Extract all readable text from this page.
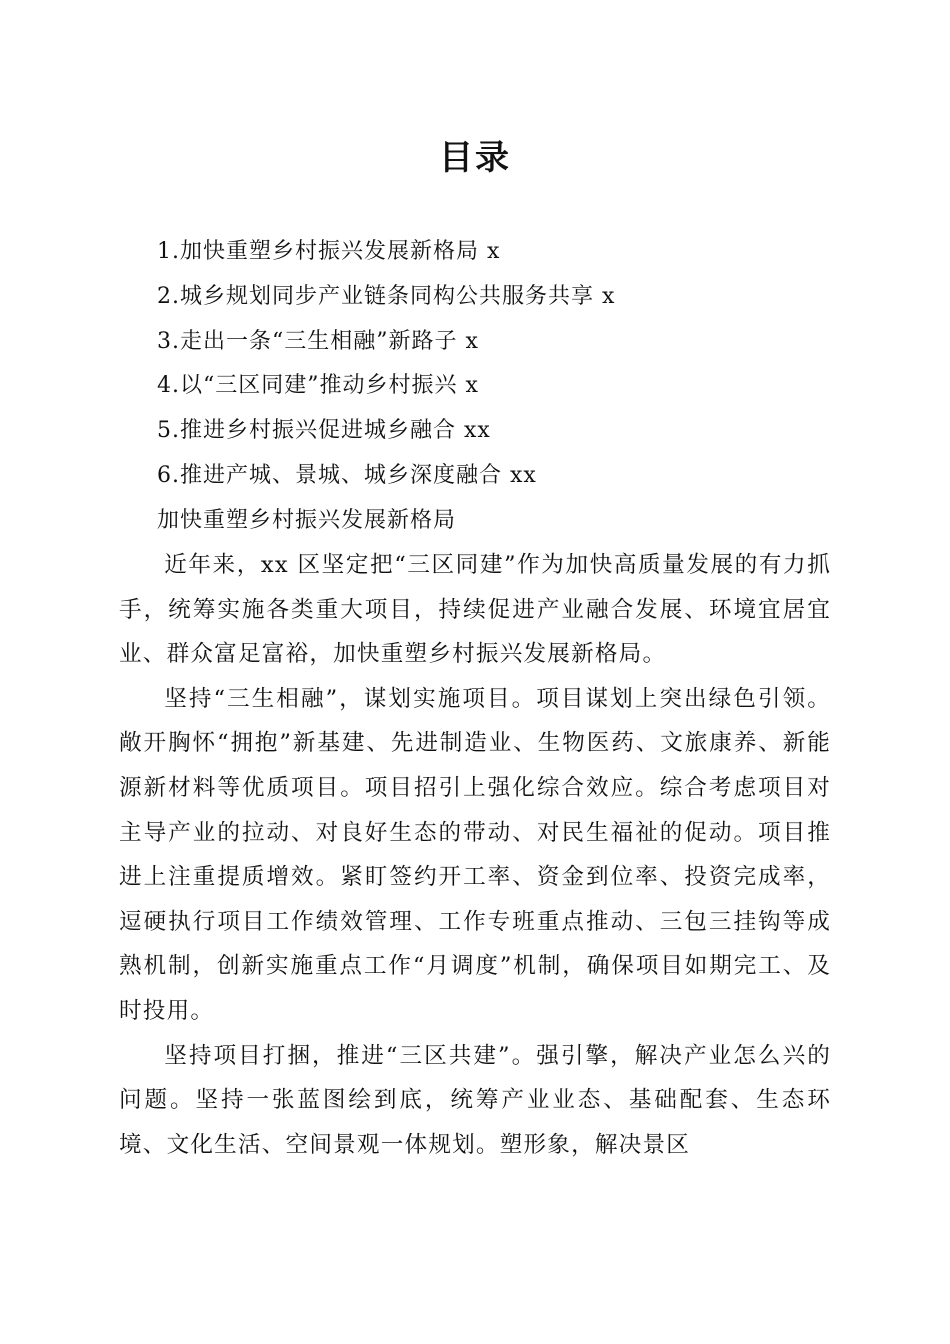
目录
1.加快重塑乡村振兴发展新格局 x
2.城乡规划同步产业链条同构公共服务共享 x
3.走出一条“三生相融”新路子 x
4.以“三区同建”推动乡村振兴 x
5.推进乡村振兴促进城乡融合 xx
6.推进产城、景城、城乡深度融合 xx
加快重塑乡村振兴发展新格局

近年来，xx 区坚定把“三区同建”作为加快高质量发展的有力抓手，统筹实施各类重大项目，持续促进产业融合发展、环境宜居宜业、群众富足富裕，加快重塑乡村振兴发展新格局。

坚持“三生相融”，谋划实施项目。项目谋划上突出绿色引领。敞开胸怀“拥抱”新基建、先进制造业、生物医药、文旅康养、新能源新材料等优质项目。项目招引上强化综合效应。综合考虑项目对主导产业的拉动、对良好生态的带动、对民生福祉的促动。项目推进上注重提质增效。紧盯签约开工率、资金到位率、投资完成率，逗硬执行项目工作绩效管理、工作专班重点推动、三包三挂钩等成熟机制，创新实施重点工作“月调度”机制，确保项目如期完工、及时投用。

坚持项目打捆，推进“三区共建”。强引擎，解决产业怎么兴的问题。坚持一张蓝图绘到底，统筹产业业态、基础配套、生态环境、文化生活、空间景观一体规划。塑形象，解决景区
